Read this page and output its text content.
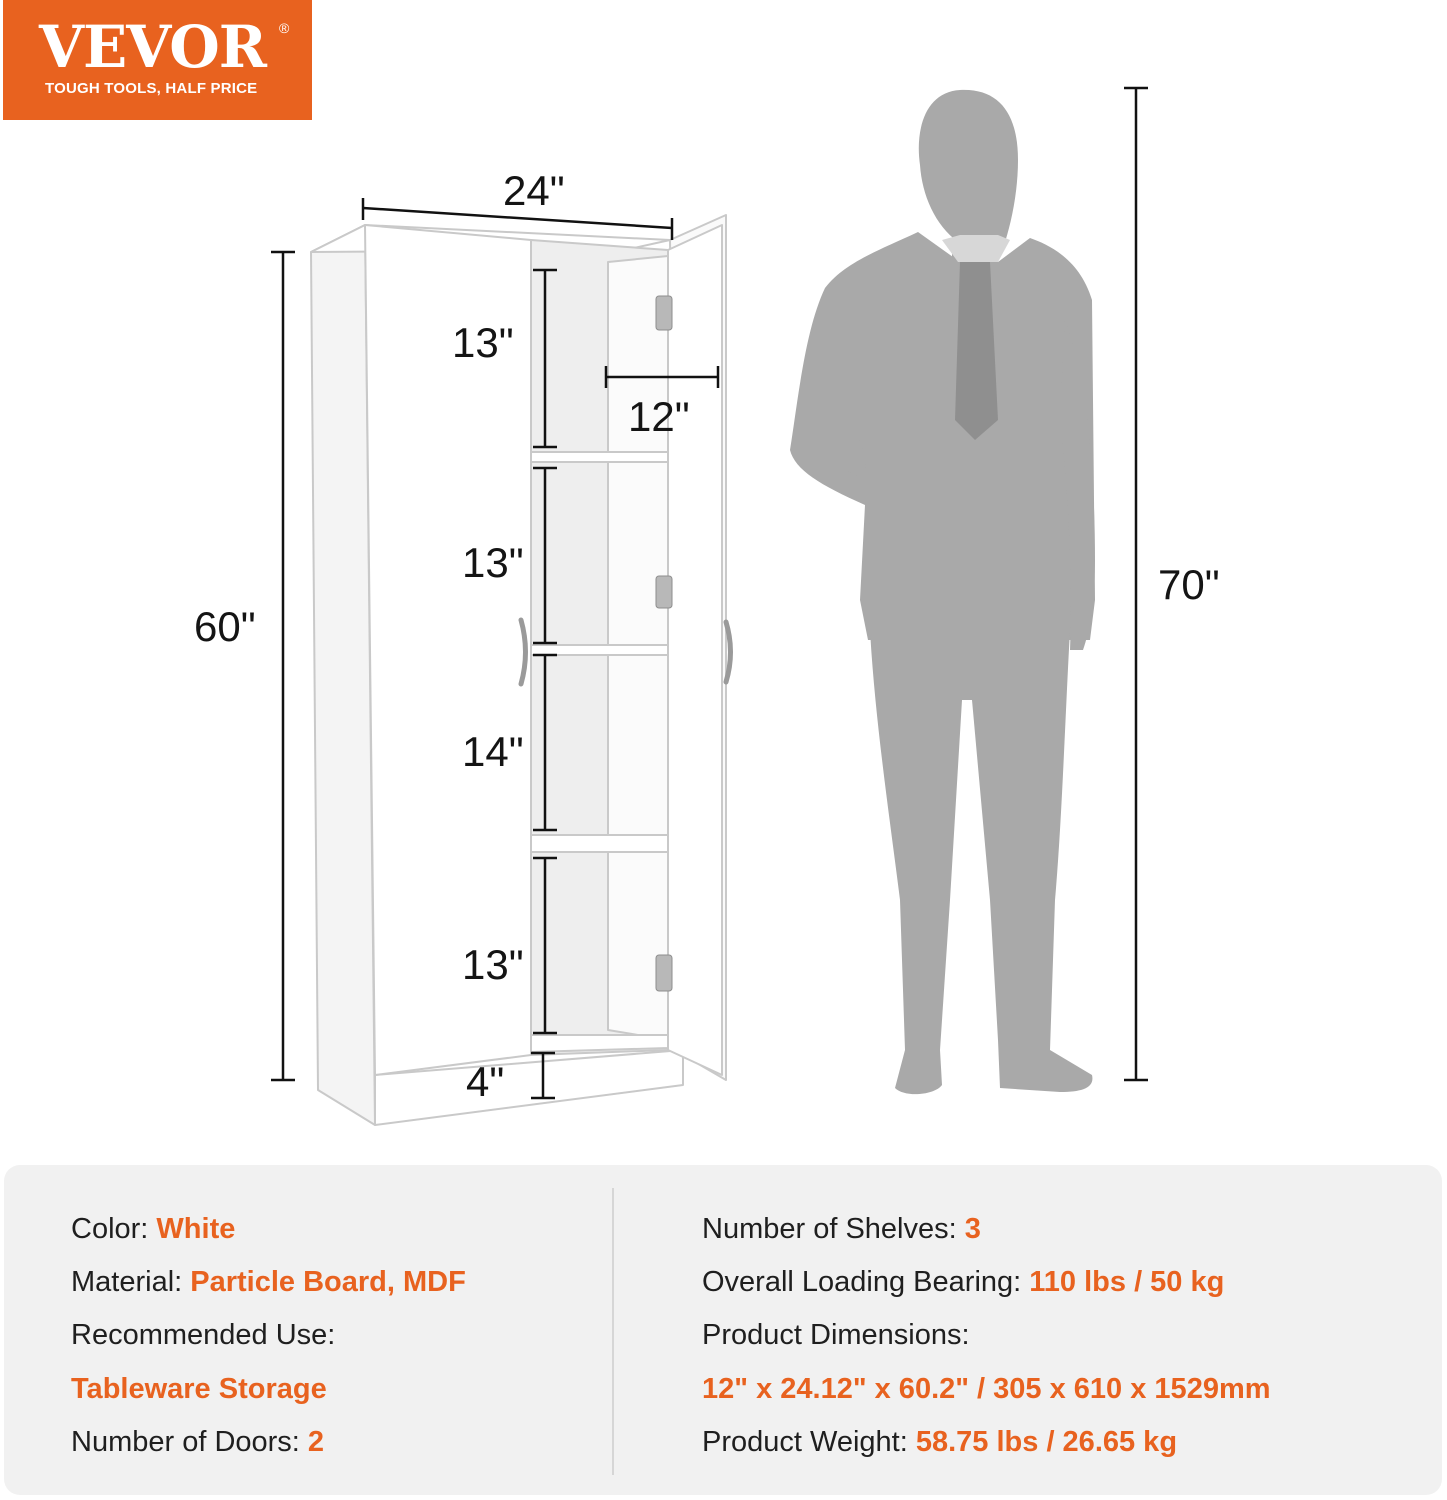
VEVOR ®
TOUGH TOOLS, HALF PRICE
24"
60"
13"
13"
14"
13"
4"
12"
70"
Color: White
Material: Particle Board, MDF
Recommended Use:
Tableware Storage
Number of Doors: 2
Number of Shelves: 3
Overall Loading Bearing: 110 lbs / 50 kg
Product Dimensions:
12" x 24.12" x 60.2" / 305 x 610 x 1529mm
Product Weight: 58.75 lbs / 26.65 kg
